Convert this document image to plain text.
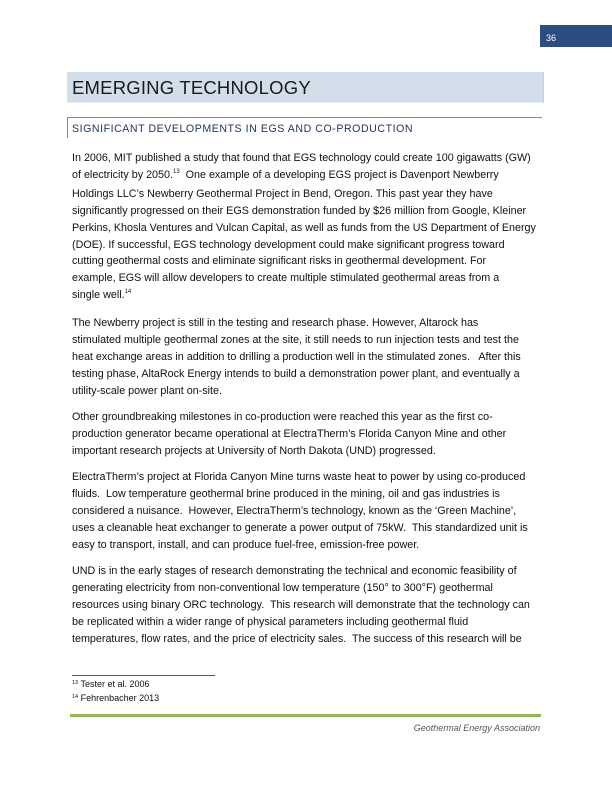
36
EMERGING TECHNOLOGY
SIGNIFICANT DEVELOPMENTS IN EGS AND CO-PRODUCTION

In 2006, MIT published a study that found that EGS technology could create 100 gigawatts (GW)
of electricity by 2050.13  One example of a developing EGS project is Davenport Newberry
Holdings LLC’s Newberry Geothermal Project in Bend, Oregon. This past year they have
significantly progressed on their EGS demonstration funded by $26 million from Google, Kleiner
Perkins, Khosla Ventures and Vulcan Capital, as well as funds from the US Department of Energy
(DOE). If successful, EGS technology development could make significant progress toward
cutting geothermal costs and eliminate significant risks in geothermal development. For
example, EGS will allow developers to create multiple stimulated geothermal areas from a
single well.$^{14}$

The Newberry project is still in the testing and research phase. However, Altarock has
stimulated multiple geothermal zones at the site, it still needs to run injection tests and test the
heat exchange areas in addition to drilling a production well in the stimulated zones.   After this
testing phase, AltaRock Energy intends to build a demonstration power plant, and eventually a
utility-scale power plant on-site.

Other groundbreaking milestones in co-production were reached this year as the first co-
production generator became operational at ElectraTherm’s Florida Canyon Mine and other
important research projects at University of North Dakota (UND) progressed.

ElectraTherm’s project at Florida Canyon Mine turns waste heat to power by using co-produced
fluids.  Low temperature geothermal brine produced in the mining, oil and gas industries is
considered a nuisance.  However, ElectraTherm’s technology, known as the ‘Green Machine’,
uses a cleanable heat exchanger to generate a power output of 75kW.  This standardized unit is
easy to transport, install, and can produce fuel-free, emission-free power.

UND is in the early stages of research demonstrating the technical and economic feasibility of
generating electricity from non-conventional low temperature (150° to 300°F) geothermal
resources using binary ORC technology.  This research will demonstrate that the technology can
be replicated within a wider range of physical parameters including geothermal fluid
temperatures, flow rates, and the price of electricity sales.  The success of this research will be

$^{13}$ Tester et al. 2006
$^{14}$ Fehrenbacher 2013
Geothermal Energy Association
